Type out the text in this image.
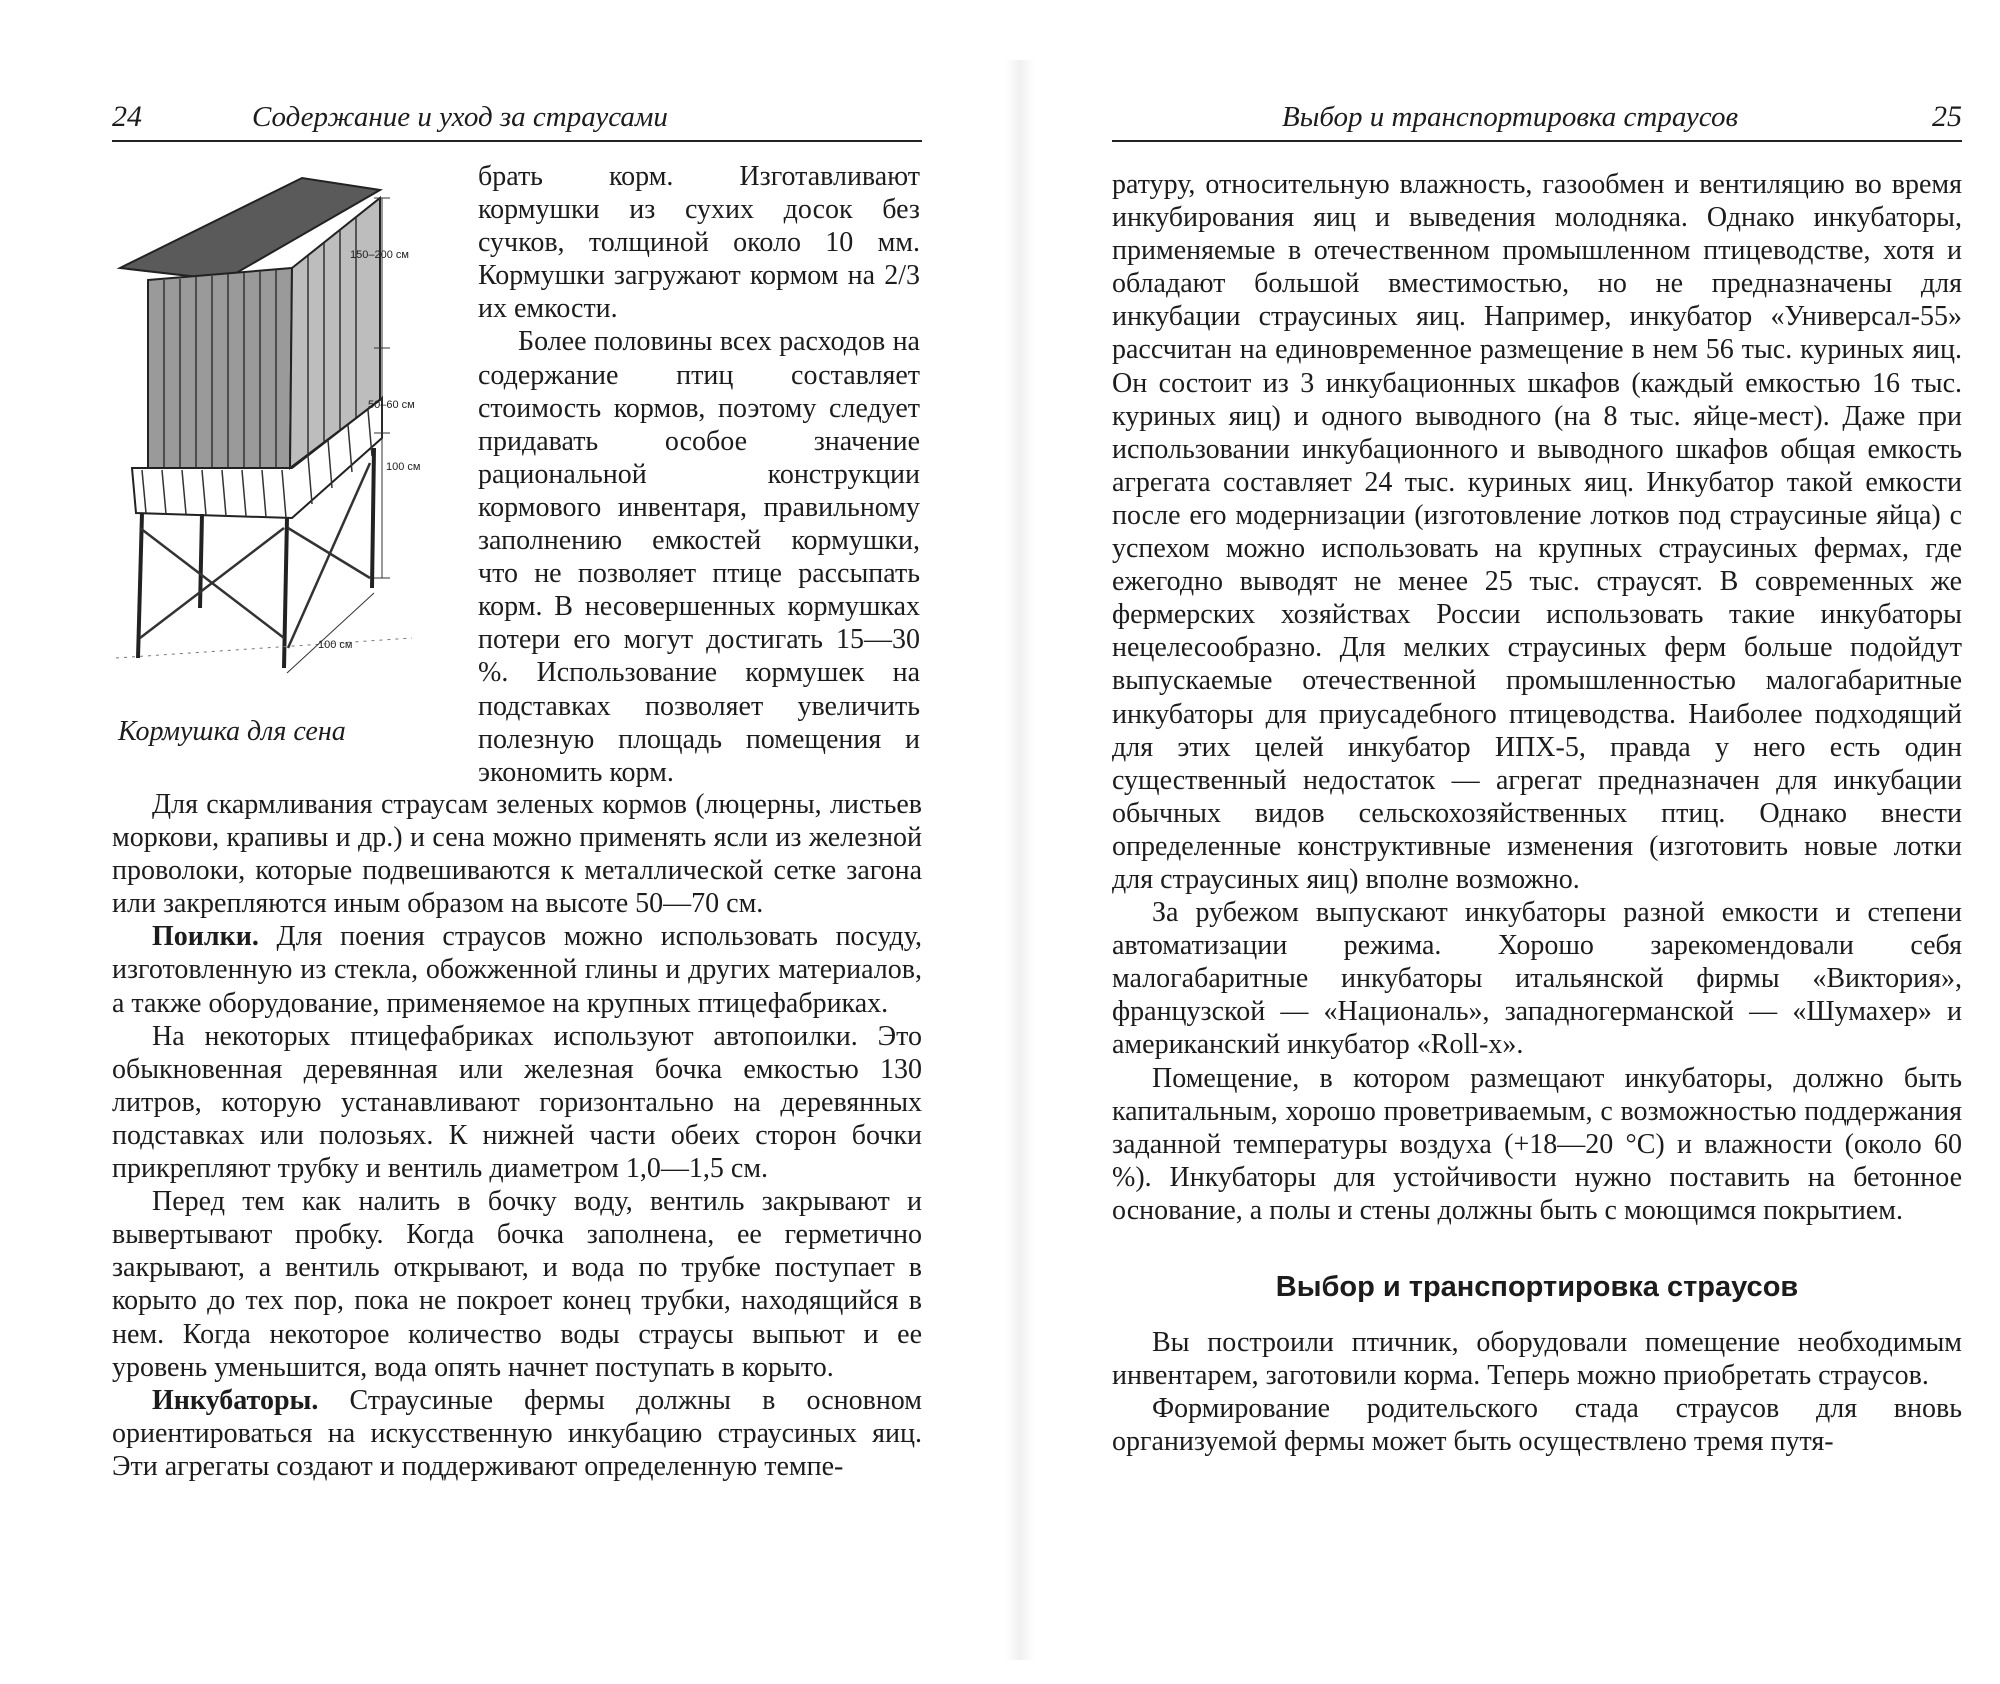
24	Содержание и уход за страусами
150–200 см
50–60 см
100 см
100 см
Кормушка для сена

брать корм. Изготавливают кормушки из сухих досок без сучков, толщиной около 10 мм. Кормушки загружают кормом на 2/3 их емкости.

Более половины всех расходов на содержание птиц составляет стоимость кормов, поэтому следует придавать особое значение рациональной конструкции кормового инвентаря, правильному заполнению емкостей кормушки, что не позволяет птице рассыпать корм. В несовершенных кормушках потери его могут достигать 15—30 %. Использование кормушек на подставках позволяет увеличить полезную площадь помещения и экономить корм.

Для скармливания страусам зеленых кормов (люцерны, листьев моркови, крапивы и др.) и сена можно применять ясли из железной проволоки, которые подвешиваются к металлической сетке загона или закрепляются иным образом на высоте 50—70 см.

Поилки. Для поения страусов можно использовать посуду, изготовленную из стекла, обожженной глины и других материалов, а также оборудование, применяемое на крупных птицефабриках.

На некоторых птицефабриках используют автопоилки. Это обыкновенная деревянная или железная бочка емкостью 130 литров, которую устанавливают горизонтально на деревянных подставках или полозьях. К нижней части обеих сторон бочки прикрепляют трубку и вентиль диаметром 1,0—1,5 см.

Перед тем как налить в бочку воду, вентиль закрывают и вывертывают пробку. Когда бочка заполнена, ее герметично закрывают, а вентиль открывают, и вода по трубке поступает в корыто до тех пор, пока не покроет конец трубки, находящийся в нем. Когда некоторое количество воды страусы выпьют и ее уровень уменьшится, вода опять начнет поступать в корыто.

Инкубаторы. Страусиные фермы должны в основном ориентироваться на искусственную инкубацию страусиных яиц. Эти агрегаты создают и поддерживают определенную темпе-

Выбор и транспортировка страусов	25

ратуру, относительную влажность, газообмен и вентиляцию во время инкубирования яиц и выведения молодняка. Однако инкубаторы, применяемые в отечественном промышленном птицеводстве, хотя и обладают большой вместимостью, но не предназначены для инкубации страусиных яиц. Например, инкубатор «Универсал-55» рассчитан на единовременное размещение в нем 56 тыс. куриных яиц. Он состоит из 3 инкубационных шкафов (каждый емкостью 16 тыс. куриных яиц) и одного выводного (на 8 тыс. яйце-мест). Даже при использовании инкубационного и выводного шкафов общая емкость агрегата составляет 24 тыс. куриных яиц. Инкубатор такой емкости после его модернизации (изготовление лотков под страусиные яйца) с успехом можно использовать на крупных страусиных фермах, где ежегодно выводят не менее 25 тыс. страусят. В современных же фермерских хозяйствах России использовать такие инкубаторы нецелесообразно. Для мелких страусиных ферм больше подойдут выпускаемые отечественной промышленностью малогабаритные инкубаторы для приусадебного птицеводства. Наиболее подходящий для этих целей инкубатор ИПХ-5, правда у него есть один существенный недостаток — агрегат предназначен для инкубации обычных видов сельскохозяйственных птиц. Однако внести определенные конструктивные изменения (изготовить новые лотки для страусиных яиц) вполне возможно.

За рубежом выпускают инкубаторы разной емкости и степени автоматизации режима. Хорошо зарекомендовали себя малогабаритные инкубаторы итальянской фирмы «Виктория», французской — «Националь», западногерманской — «Шумахер» и американский инкубатор «Roll-x».

Помещение, в котором размещают инкубаторы, должно быть капитальным, хорошо проветриваемым, с возможностью поддержания заданной температуры воздуха (+18—20 °С) и влажности (около 60 %). Инкубаторы для устойчивости нужно поставить на бетонное основание, а полы и стены должны быть с моющимся покрытием.

Выбор и транспортировка страусов

Вы построили птичник, оборудовали помещение необходимым инвентарем, заготовили корма. Теперь можно приобретать страусов.

Формирование родительского стада страусов для вновь организуемой фермы может быть осуществлено тремя путя-
